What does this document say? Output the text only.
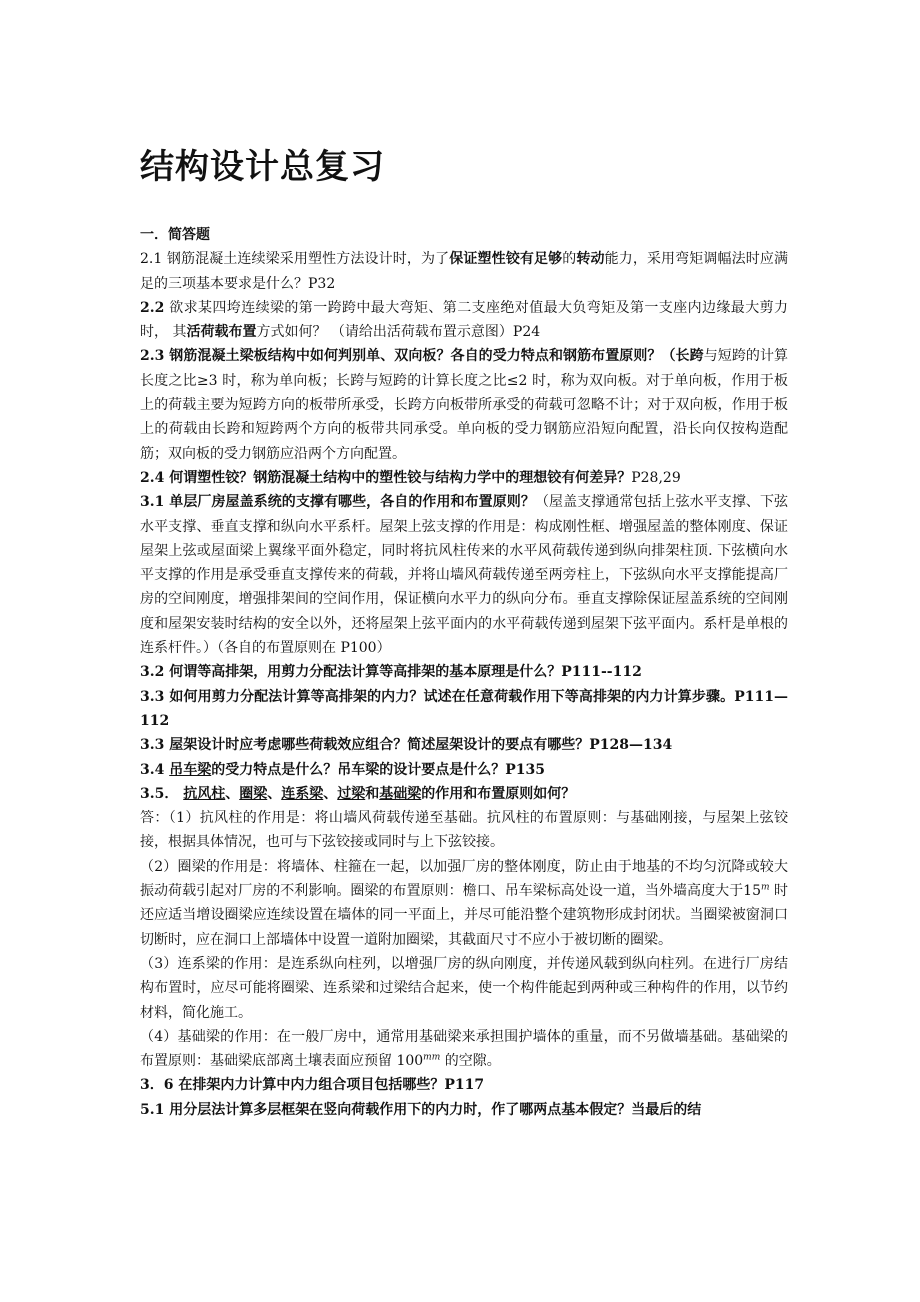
结构设计总复习

一．简答题

2.1 钢筋混凝土连续梁采用塑性方法设计时，为了保证塑性铰有足够的转动能力，采用弯矩调幅法时应满足的三项基本要求是什么？P32

2.2 欲求某四垮连续梁的第一跨跨中最大弯矩、第二支座绝对值最大负弯矩及第一支座内边缘最大剪力时， 其活荷载布置方式如何？ （请给出活荷载布置示意图）P24

2.3 钢筋混凝土梁板结构中如何判别单、双向板？各自的受力特点和钢筋布置原则？（长跨与短跨的计算长度之比≥3 时，称为单向板；长跨与短跨的计算长度之比≤2 时，称为双向板。对于单向板，作用于板上的荷载主要为短跨方向的板带所承受，长跨方向板带所承受的荷载可忽略不计；对于双向板，作用于板上的荷载由长跨和短跨两个方向的板带共同承受。单向板的受力钢筋应沿短向配置，沿长向仅按构造配筋；双向板的受力钢筋应沿两个方向配置。

2.4 何谓塑性铰？钢筋混凝土结构中的塑性铰与结构力学中的理想铰有何差异？P28,29

3.1 单层厂房屋盖系统的支撑有哪些，各自的作用和布置原则？（屋盖支撑通常包括上弦水平支撑、下弦水平支撑、垂直支撑和纵向水平系杆。屋架上弦支撑的作用是：构成刚性框、增强屋盖的整体刚度、保证屋架上弦或屋面梁上翼缘平面外稳定，同时将抗风柱传来的水平风荷载传递到纵向排架柱顶. 下弦横向水平支撑的作用是承受垂直支撑传来的荷载，并将山墙风荷载传递至两旁柱上，下弦纵向水平支撑能提高厂房的空间刚度，增强排架间的空间作用，保证横向水平力的纵向分布。垂直支撑除保证屋盖系统的空间刚度和屋架安装时结构的安全以外，还将屋架上弦平面内的水平荷载传递到屋架下弦平面内。系杆是单根的连系杆件。）（各自的布置原则在 P100）

3.2 何谓等高排架，用剪力分配法计算等高排架的基本原理是什么？P111--112

3.3 如何用剪力分配法计算等高排架的内力？试述在任意荷载作用下等高排架的内力计算步骤。P111—112

3.3 屋架设计时应考虑哪些荷载效应组合？简述屋架设计的要点有哪些？P128—134

3.4 吊车梁的受力特点是什么？吊车梁的设计要点是什么？P135

3.5． 抗风柱、圈梁、连系梁、过梁和基础梁的作用和布置原则如何？

答：（1）抗风柱的作用是：将山墙风荷载传递至基础。抗风柱的布置原则：与基础刚接，与屋架上弦铰接，根据具体情况，也可与下弦铰接或同时与上下弦铰接。

（2）圈梁的作用是：将墙体、柱箍在一起，以加强厂房的整体刚度，防止由于地基的不均匀沉降或较大振动荷载引起对厂房的不利影响。圈梁的布置原则：檐口、吊车梁标高处设一道，当外墙高度大于15$^m$ 时还应适当增设圈梁应连续设置在墙体的同一平面上，并尽可能沿整个建筑物形成封闭状。当圈梁被窗洞口切断时，应在洞口上部墙体中设置一道附加圈梁，其截面尺寸不应小于被切断的圈梁。

（3）连系梁的作用：是连系纵向柱列，以增强厂房的纵向刚度，并传递风载到纵向柱列。在进行厂房结构布置时，应尽可能将圈梁、连系梁和过梁结合起来，使一个构件能起到两种或三种构件的作用，以节约材料，简化施工。

（4）基础梁的作用：在一般厂房中，通常用基础梁来承担围护墙体的重量，而不另做墙基础。基础梁的布置原则：基础梁底部离土壤表面应预留 $100^{mm}$ 的空隙。

3．6 在排架内力计算中内力组合项目包括哪些？P117

5.1 用分层法计算多层框架在竖向荷载作用下的内力时，作了哪两点基本假定？当最后的结
